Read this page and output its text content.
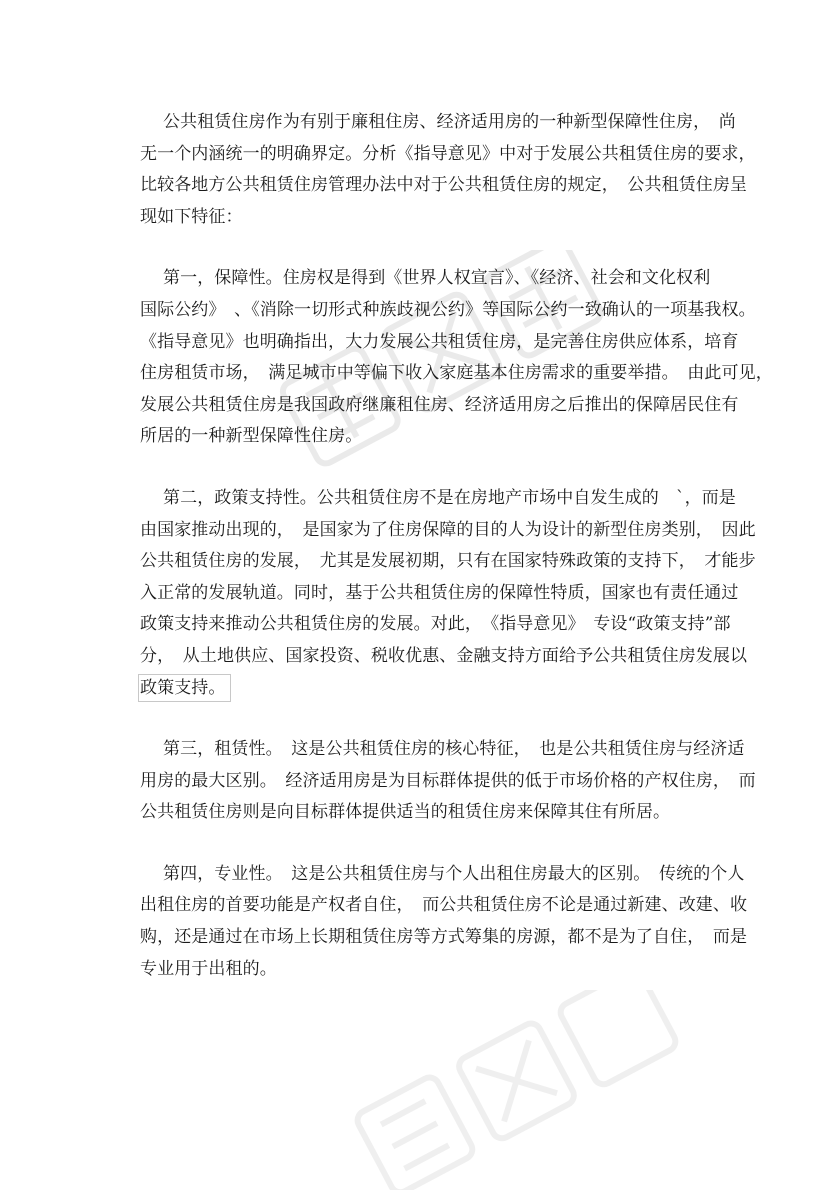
公共租赁住房作为有别于廉租住房、经济适用房的一种新型保障性住房，　尚
无一个内涵统一的明确界定。分析《指导意见》中对于发展公共租赁住房的要求，
比较各地方公共租赁住房管理办法中对于公共租赁住房的规定，　公共租赁住房呈
现如下特征：

第一，保障性。住房权是得到《世界人权宣言》、《经济、社会和文化权利
国际公约》　、《消除一切形式种族歧视公约》等国际公约一致确认的一项基我权。
《指导意见》也明确指出，大力发展公共租赁住房，是完善住房供应体系，培育
住房租赁市场，　满足城市中等偏下收入家庭基本住房需求的重要举措。　由此可见，
发展公共租赁住房是我国政府继廉租住房、经济适用房之后推出的保障居民住有
所居的一种新型保障性住房。

第二，政策支持性。公共租赁住房不是在房地产市场中自发生成的　`，而是
由国家推动出现的，　是国家为了住房保障的目的人为设计的新型住房类别，　因此
公共租赁住房的发展，　尤其是发展初期，只有在国家特殊政策的支持下，　才能步
入正常的发展轨道。同时，基于公共租赁住房的保障性特质，国家也有责任通过
政策支持来推动公共租赁住房的发展。对此，　《指导意见》　专设“政策支持”部
分，　从土地供应、国家投资、税收优惠、金融支持方面给予公共租赁住房发展以
政策支持。

第三，租赁性。　这是公共租赁住房的核心特征，　也是公共租赁住房与经济适
用房的最大区别。　经济适用房是为目标群体提供的低于市场价格的产权住房，　而
公共租赁住房则是向目标群体提供适当的租赁住房来保障其住有所居。

第四，专业性。　这是公共租赁住房与个人出租住房最大的区别。　传统的个人
出租住房的首要功能是产权者自住，　而公共租赁住房不论是通过新建、改建、收
购，还是通过在市场上长期租赁住房等方式筹集的房源，都不是为了自住，　而是
专业用于出租的。
